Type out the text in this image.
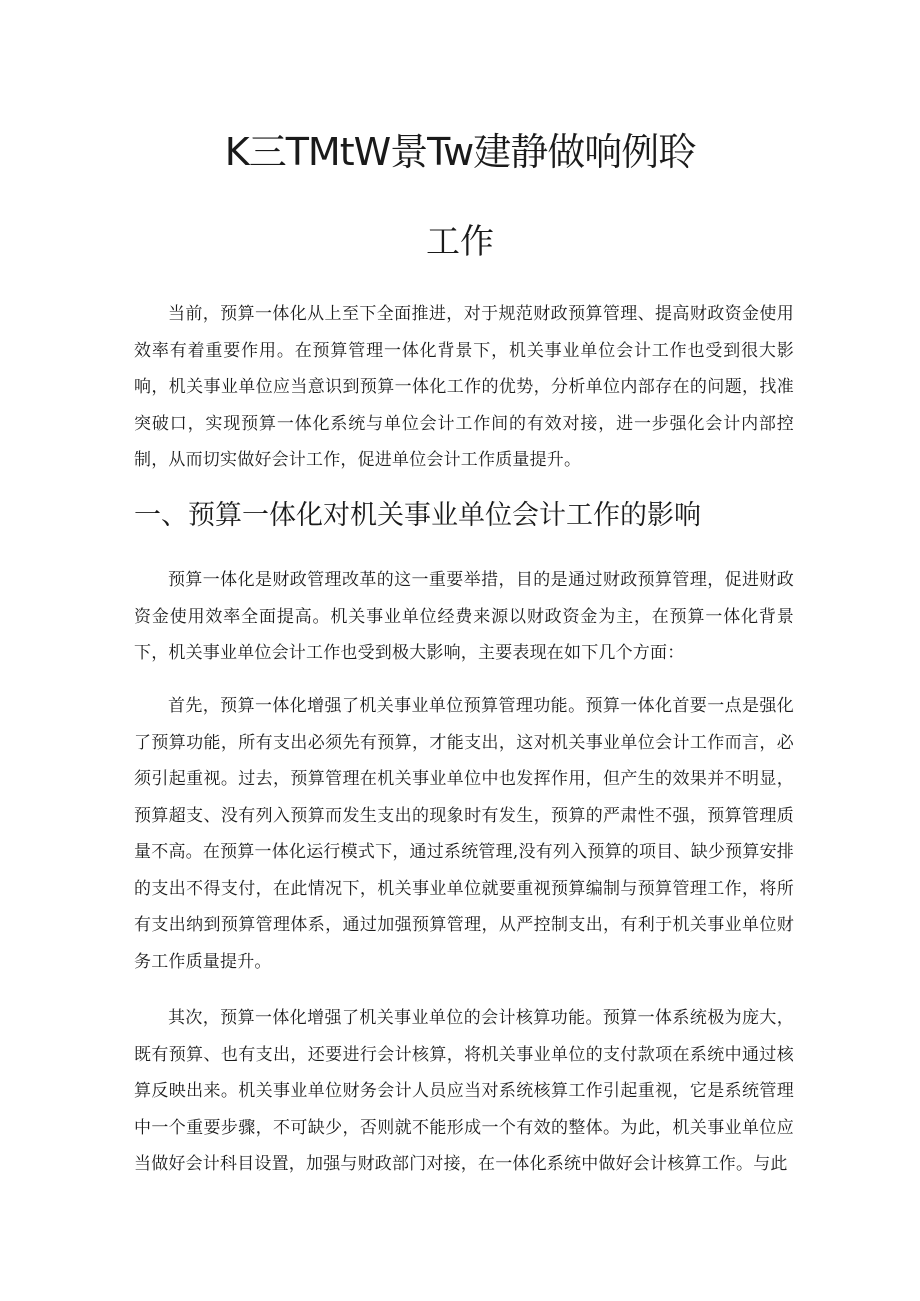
K三TMtW景Tw建静做响例聆
工作

当前，预算一体化从上至下全面推进，对于规范财政预算管理、提高财政资金使用效率有着重要作用。在预算管理一体化背景下，机关事业单位会计工作也受到很大影响，机关事业单位应当意识到预算一体化工作的优势，分析单位内部存在的问题，找准突破口，实现预算一体化系统与单位会计工作间的有效对接，进一步强化会计内部控制，从而切实做好会计工作，促进单位会计工作质量提升。

一、预算一体化对机关事业单位会计工作的影响

预算一体化是财政管理改革的这一重要举措，目的是通过财政预算管理，促进财政资金使用效率全面提高。机关事业单位经费来源以财政资金为主，在预算一体化背景下，机关事业单位会计工作也受到极大影响，主要表现在如下几个方面：

首先，预算一体化增强了机关事业单位预算管理功能。预算一体化首要一点是强化了预算功能，所有支出必须先有预算，才能支出，这对机关事业单位会计工作而言，必须引起重视。过去，预算管理在机关事业单位中也发挥作用，但产生的效果并不明显，预算超支、没有列入预算而发生支出的现象时有发生，预算的严肃性不强，预算管理质量不高。在预算一体化运行模式下，通过系统管理,没有列入预算的项目、缺少预算安排的支出不得支付，在此情况下，机关事业单位就要重视预算编制与预算管理工作，将所有支出纳到预算管理体系，通过加强预算管理，从严控制支出，有利于机关事业单位财务工作质量提升。

其次，预算一体化增强了机关事业单位的会计核算功能。预算一体系统极为庞大，既有预算、也有支出，还要进行会计核算，将机关事业单位的支付款项在系统中通过核算反映出来。机关事业单位财务会计人员应当对系统核算工作引起重视，它是系统管理中一个重要步骤，不可缺少，否则就不能形成一个有效的整体。为此，机关事业单位应当做好会计科目设置，加强与财政部门对接，在一体化系统中做好会计核算工作。与此
